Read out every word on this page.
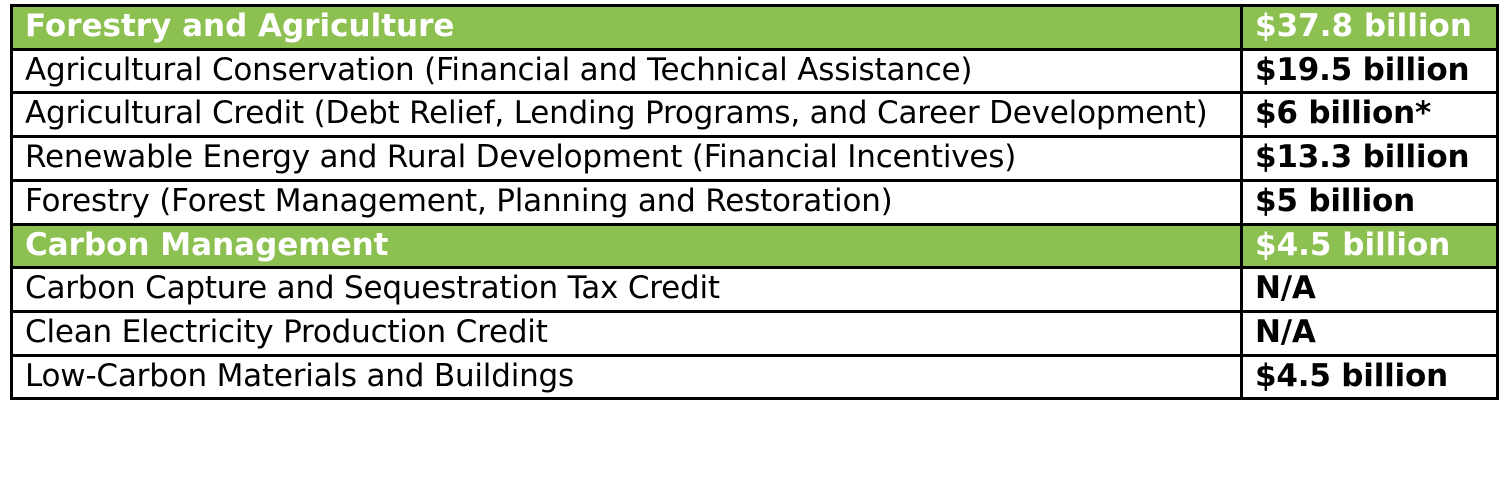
Forestry and Agriculture	$37.8 billion
Agricultural Conservation (Financial and Technical Assistance)	$19.5 billion
Agricultural Credit (Debt Relief, Lending Programs, and Career Development)	$6 billion*
Renewable Energy and Rural Development (Financial Incentives)	$13.3 billion
Forestry (Forest Management, Planning and Restoration)	$5 billion
Carbon Management	$4.5 billion
Carbon Capture and Sequestration Tax Credit	N/A
Clean Electricity Production Credit	N/A
Low-Carbon Materials and Buildings	$4.5 billion
